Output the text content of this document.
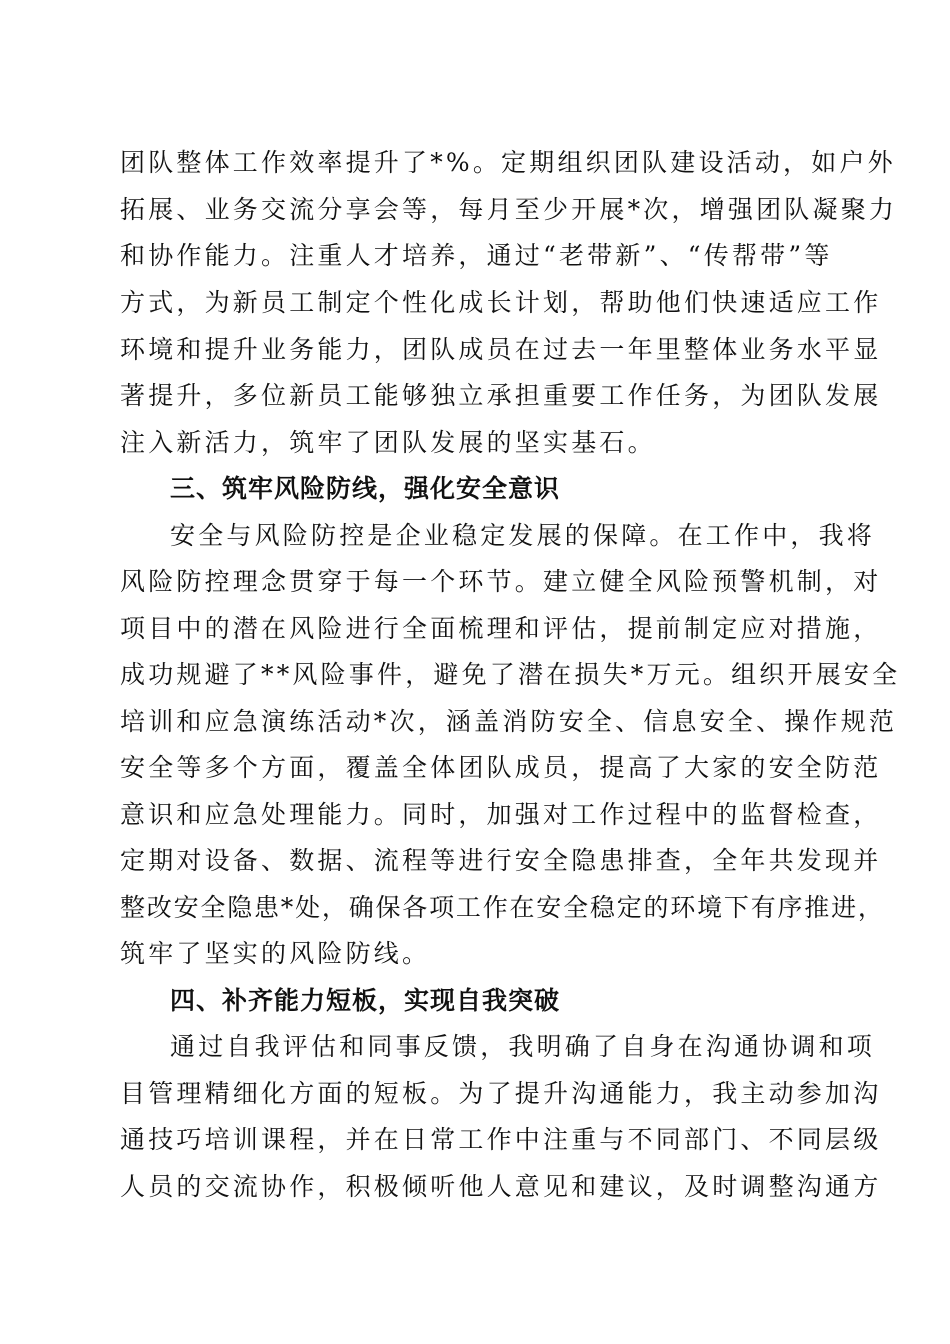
团队整体工作效率提升了*%。定期组织团队建设活动，如户外
拓展、业务交流分享会等，每月至少开展*次，增强团队凝聚力
和协作能力。注重人才培养，通过“老带新”、“传帮带”等
方式，为新员工制定个性化成长计划，帮助他们快速适应工作
环境和提升业务能力，团队成员在过去一年里整体业务水平显
著提升，多位新员工能够独立承担重要工作任务，为团队发展
注入新活力，筑牢了团队发展的坚实基石。
三、筑牢风险防线，强化安全意识
安全与风险防控是企业稳定发展的保障。在工作中，我将
风险防控理念贯穿于每一个环节。建立健全风险预警机制，对
项目中的潜在风险进行全面梳理和评估，提前制定应对措施，
成功规避了**风险事件，避免了潜在损失*万元。组织开展安全
培训和应急演练活动*次，涵盖消防安全、信息安全、操作规范
安全等多个方面，覆盖全体团队成员，提高了大家的安全防范
意识和应急处理能力。同时，加强对工作过程中的监督检查，
定期对设备、数据、流程等进行安全隐患排查，全年共发现并
整改安全隐患*处，确保各项工作在安全稳定的环境下有序推进，
筑牢了坚实的风险防线。
四、补齐能力短板，实现自我突破
通过自我评估和同事反馈，我明确了自身在沟通协调和项
目管理精细化方面的短板。为了提升沟通能力，我主动参加沟
通技巧培训课程，并在日常工作中注重与不同部门、不同层级
人员的交流协作，积极倾听他人意见和建议，及时调整沟通方
